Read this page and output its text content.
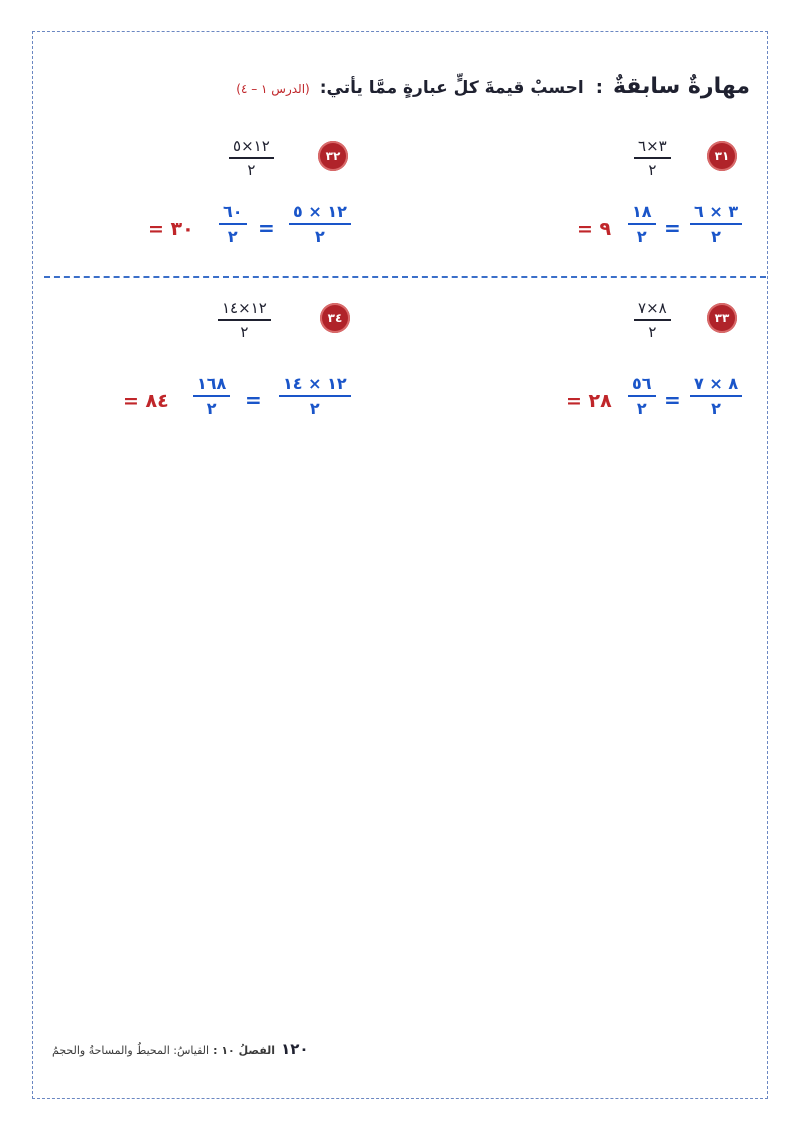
مهارةٌ سابقةٌ
:
احسبْ قيمةَ كلٍّ عبارةٍ ممَّا يأتي:
(الدرس ١ – ٤)
٣١
٣×٦
٢
٣ × ٦
٢
=
١٨
٢
٩ =
٣٢
١٢×٥
٢
١٢ × ٥
٢
=
٦٠
٢
٣٠ =
٣٣
٨×٧
٢
٨ × ٧
٢
=
٥٦
٢
٢٨ =
٣٤
١٢×١٤
٢
١٢ × ١٤
٢
=
١٦٨
٢
٨٤ =
١٢٠
الفصلُ ١٠ :
القياسُ: المحيطُ والمساحةُ والحجمُ
